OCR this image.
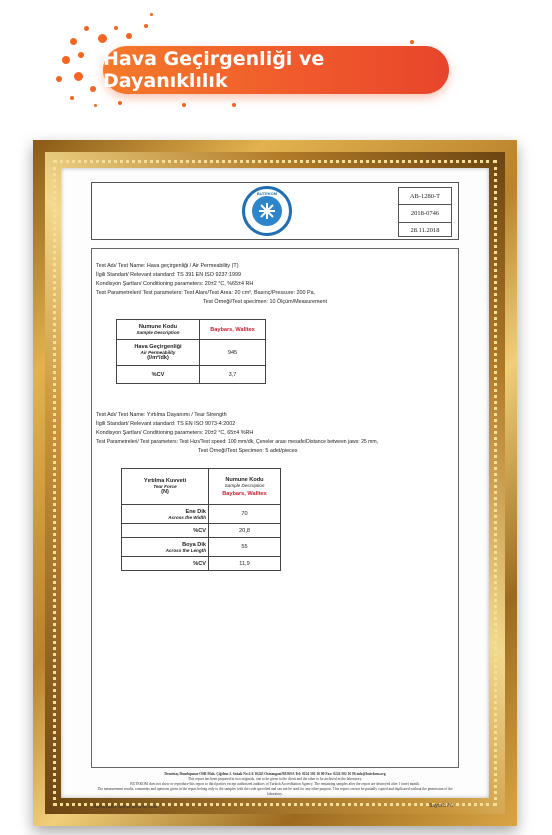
Hava Geçirgenliği ve Dayanıklılık
BUTEKOM	AB-1280-T
2018-0746
28.11.2018
Test Adı/ Test Name: Hava geçirgenliği / Air Permeability (T)
İlgili Standart/ Relevant standard: TS 391 EN ISO 9237:1999
Kondisyon Şartları/ Conditioning parameters: 20±2 °C, %65±4 RH
Test Parametreleri/ Test parameters: Test Alanı/Test Area: 20 cm², Basınç/Pressure: 200 Pa,
Test Örneği/Test specimen: 10 Ölçüm/Measurement
Numune Kodu
Sample Description	Baybars, Walltex
Hava Geçirgenliği
Air Permeability
(l/m²/dk)	945
%CV	3,7
Test Adı/ Test Name: Yırtılma Dayanımı / Tear Strength
İlgili Standart/ Relevant standard: TS EN ISO 9073-4:2002
Kondisyon Şartları/ Conditioning parameters: 20±2 °C, 65±4 %RH
Test Parametreleri/ Test parameters: Test Hızı/Test speed: 100 mm/dk, Çeneler arası mesafe/Distance between jaws: 25 mm,
Test Örneği/Test Specimen: 5 adet/pieces
Yırtılma Kuvveti
Tear Force
(N)	Numune Kodu
Sample Description
Baybars, Walltex

Ene Dik
Across the Width	70
%CV	20,8
Boya Dik
Across the Length	55
%CV	11,9
Demirtaş Dumlupınar OSB Mah. Çiğdem 2. Sokak No:1/4 16245 Osmangazi/BURSA Tel: 0224 502 16 00 Fax: 0224 502 16 06 info@butekom.org
This report has been prepared in two originals, one to be given to the client and the other to be archived in the laboratory.
BUTEKOM does not show or reproduce this report to third parties except authorized auditors of Turkish Accreditation Agency. The remaining samples after the report are destroyed after 1 (one) month.
The measurement results, comments and opinions given in the report belong only to the samples with the code specified and can not be used for any other purpose. This report can not be partially copied and duplicated without the permission of the laboratory.
BM03-LAB-F-38/Rev.00/22.05.2018	Sayfa 3 / 6
